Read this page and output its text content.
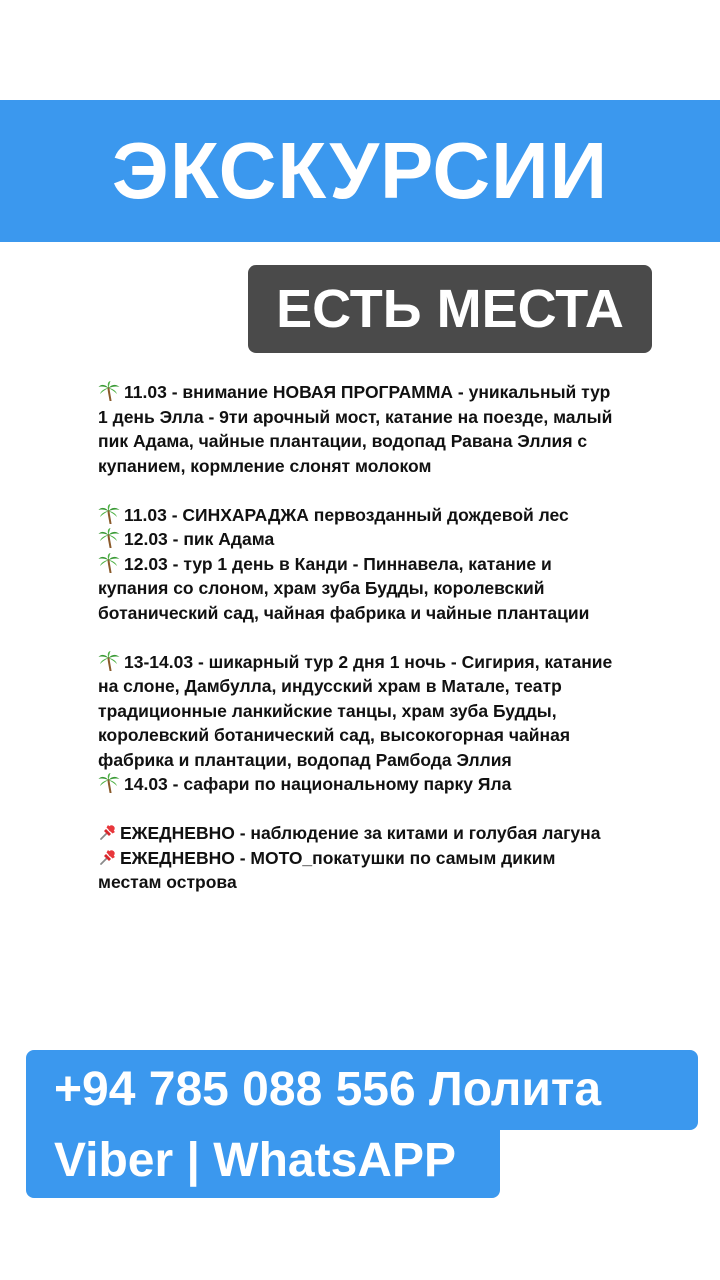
ЭКСКУРСИИ
ЕСТЬ МЕСТА

11.03 - внимание НОВАЯ ПРОГРАММА - уникальный тур 1 день Элла - 9ти арочный мост, катание на поезде, малый пик Адама, чайные плантации, водопад Равана Эллия с купанием, кормление слонят молоком

11.03 - СИНХАРАДЖА первозданный дождевой лес

12.03 - пик Адама

12.03 - тур 1 день в Канди - Пиннавела, катание и купания со слоном, храм зуба Будды, королевский ботанический сад, чайная фабрика и чайные плантации

13-14.03 - шикарный тур 2 дня 1 ночь - Сигирия, катание на слоне, Дамбулла, индусский храм в Матале, театр традиционные ланкийские танцы, храм зуба Будды, королевский ботанический сад, высокогорная чайная фабрика и плантации, водопад Рамбода Эллия

14.03 - сафари по национальному парку Яла

ЕЖЕДНЕВНО - наблюдение за китами и голубая лагуна

ЕЖЕДНЕВНО - МОТО_покатушки по самым диким местам острова

+94 785 088 556 Лолита
Viber | WhatsAPP
